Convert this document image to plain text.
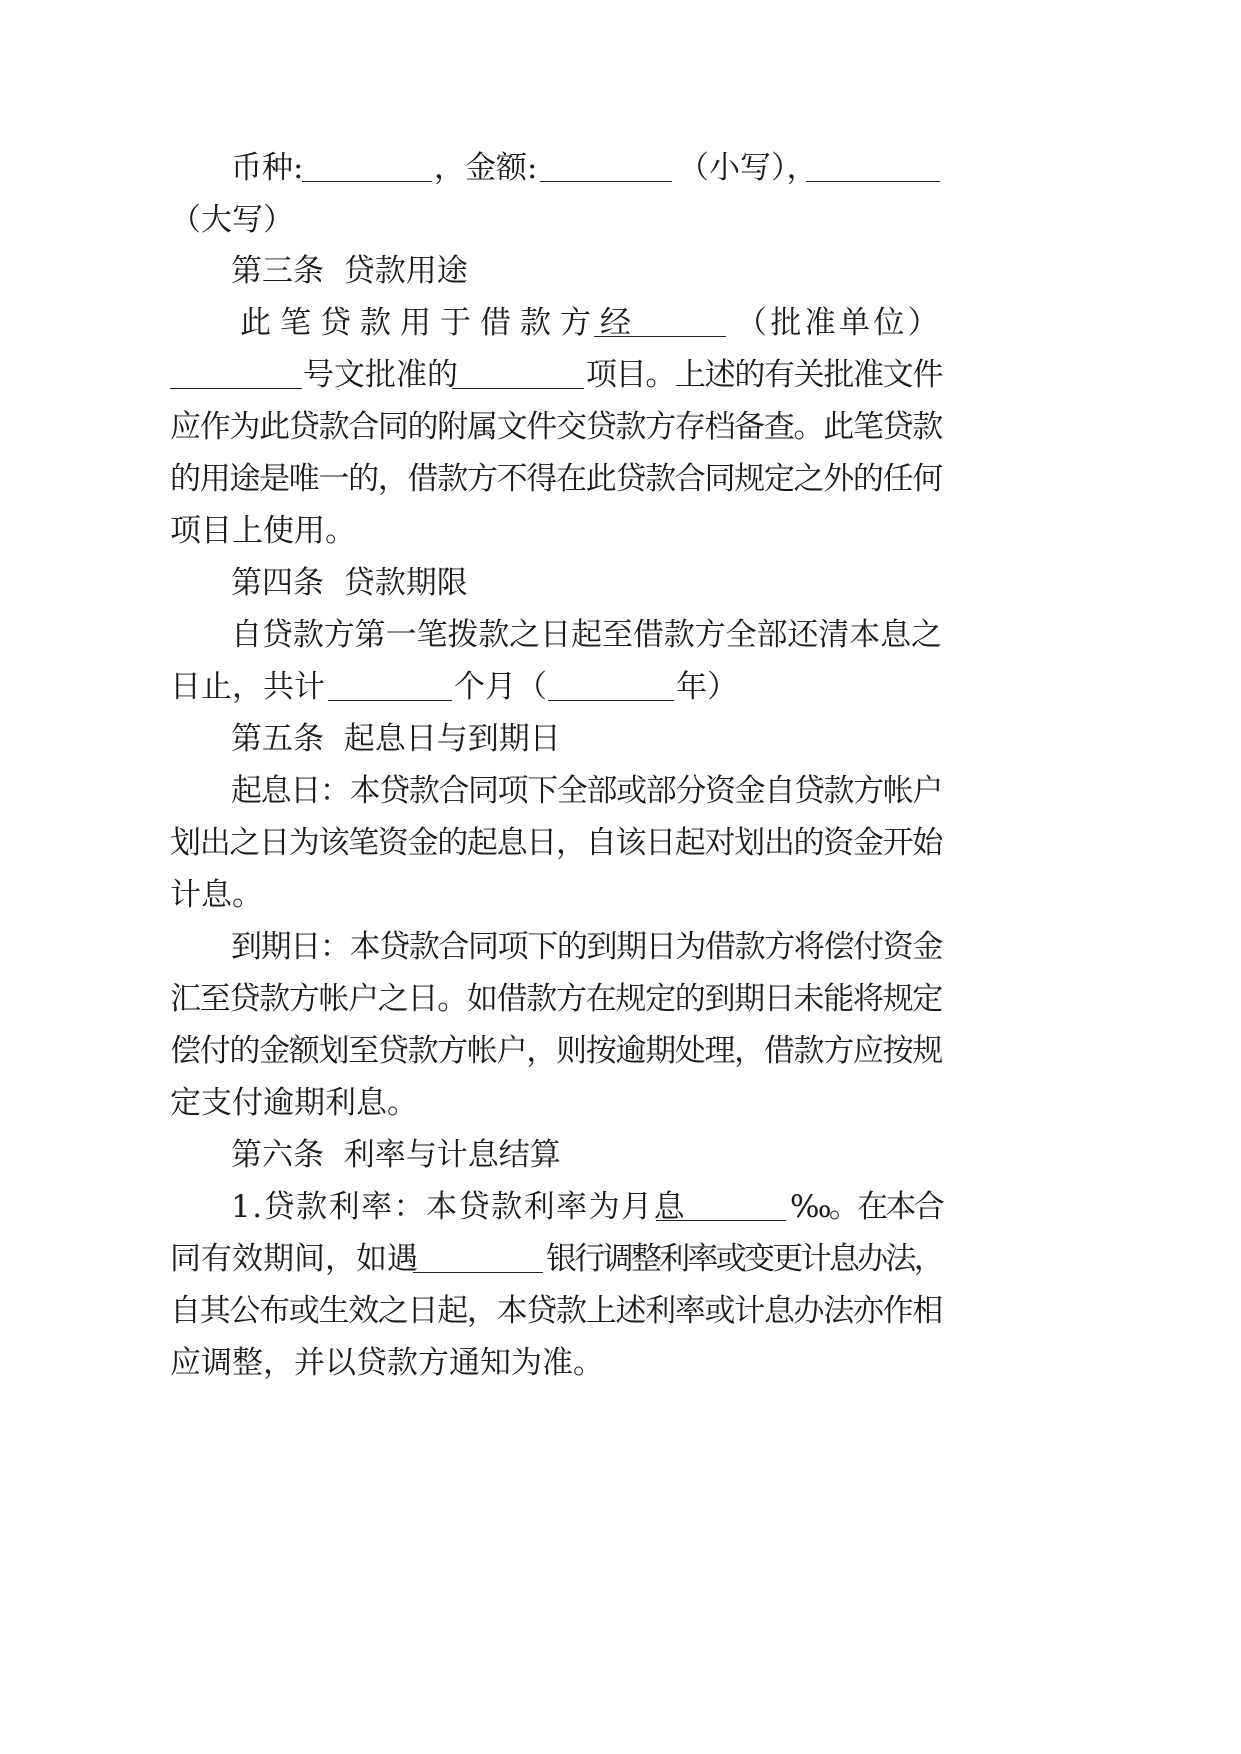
币种:	，金额:	（小写），
（大写）
第三条  贷款用途
此笔贷款用于借款方经	（批准单位）
号文批准的	项目。上述的有关批准文件
应作为此贷款合同的附属文件交贷款方存档备查。此笔贷款
的用途是唯一的，借款方不得在此贷款合同规定之外的任何
项目上使用。
第四条  贷款期限
自贷款方第一笔拨款之日起至借款方全部还清本息之
日止，共计	个月（	年）
第五条  起息日与到期日
起息日：本贷款合同项下全部或部分资金自贷款方帐户
划出之日为该笔资金的起息日，自该日起对划出的资金开始
计息。
到期日：本贷款合同项下的到期日为借款方将偿付资金
汇至贷款方帐户之日。如借款方在规定的到期日未能将规定
偿付的金额划至贷款方帐户，则按逾期处理，借款方应按规
定支付逾期利息。
第六条  利率与计息结算
1.贷款利率：本贷款利率为月息	‰。在本合
同有效期间，如遇	银行调整利率或变更计息办法，
自其公布或生效之日起，本贷款上述利率或计息办法亦作相
应调整，并以贷款方通知为准。
